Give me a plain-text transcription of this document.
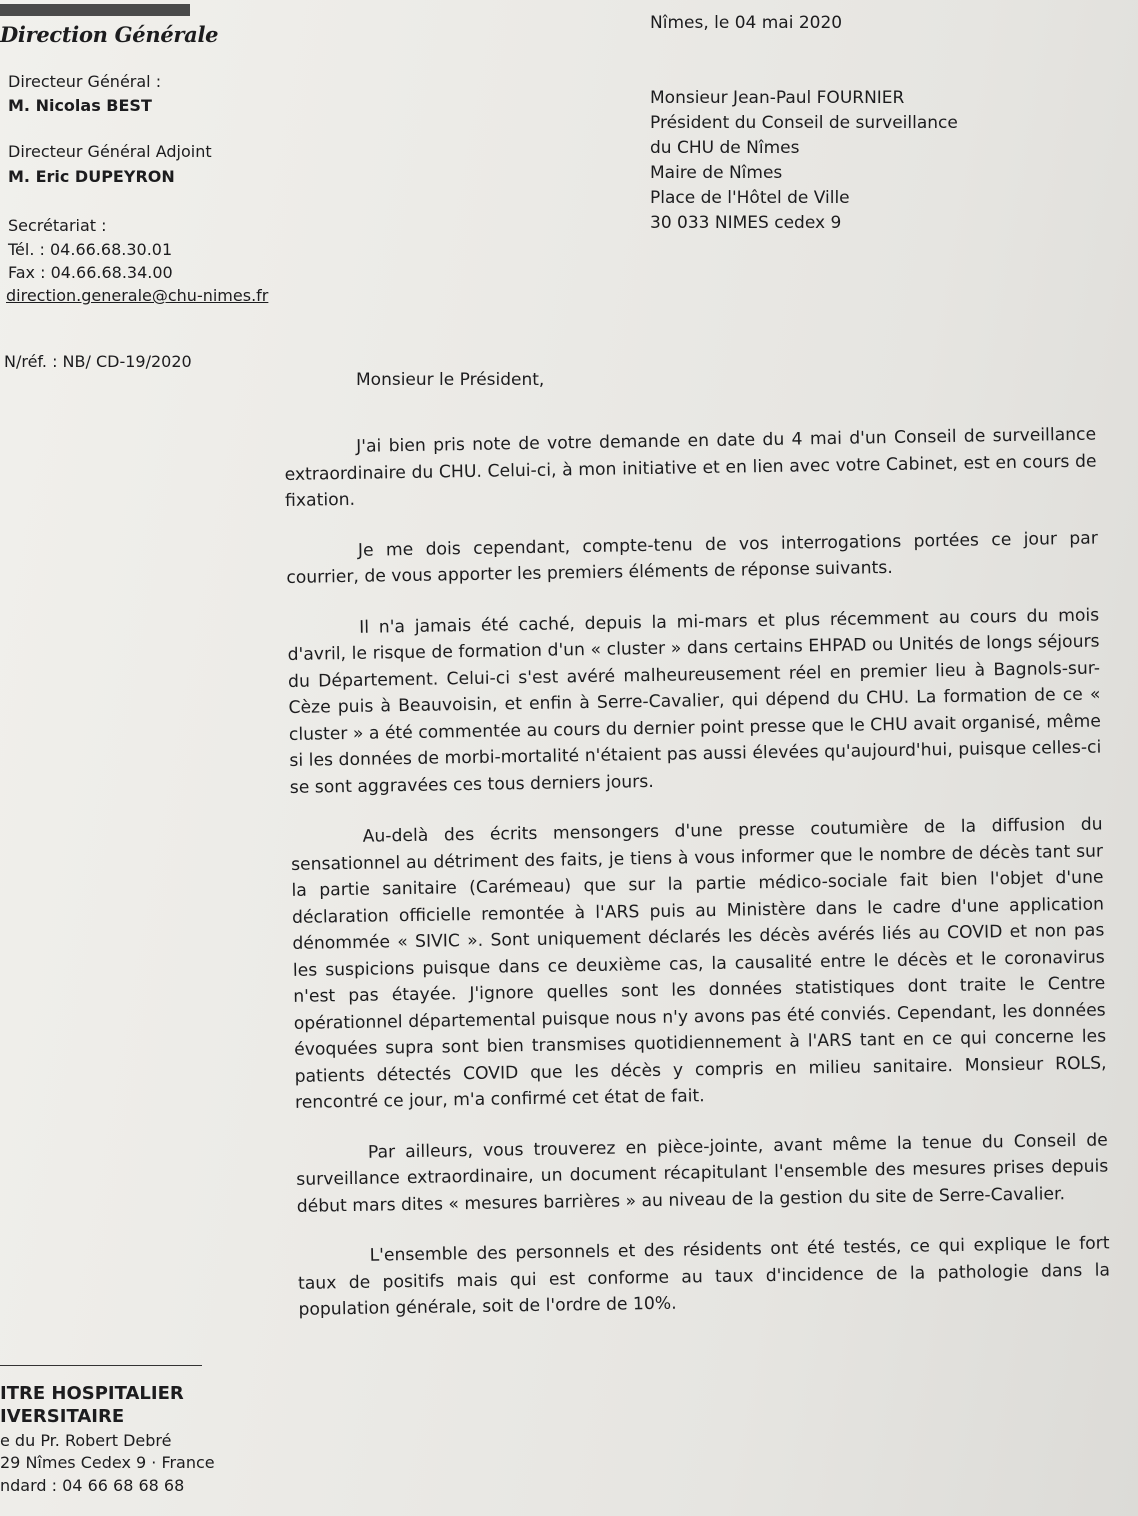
Direction Générale
Directeur Général :
M. Nicolas BEST
Directeur Général Adjoint
M. Eric DUPEYRON
Secrétariat :
Tél. : 04.66.68.30.01
Fax : 04.66.68.34.00
direction.generale@chu-nimes.fr
N/réf. : NB/ CD-19/2020
Nîmes, le 04 mai 2020
Monsieur Jean-Paul FOURNIER
Président du Conseil de surveillance
du CHU de Nîmes
Maire de Nîmes
Place de l'Hôtel de Ville
30 033 NIMES cedex 9
Monsieur le Président,

J'ai bien pris note de votre demande en date du 4 mai d'un Conseil de surveillance extraordinaire du CHU. Celui-ci, à mon initiative et en lien avec votre Cabinet, est en cours de fixation.

Je me dois cependant, compte-tenu de vos interrogations portées ce jour par courrier, de vous apporter les premiers éléments de réponse suivants.

Il n'a jamais été caché, depuis la mi-mars et plus récemment au cours du mois d'avril, le risque de formation d'un « cluster » dans certains EHPAD ou Unités de longs séjours du Département. Celui-ci s'est avéré malheureusement réel en premier lieu à Bagnols-sur-Cèze puis à Beauvoisin, et enfin à Serre-Cavalier, qui dépend du CHU. La formation de ce « cluster » a été commentée au cours du dernier point presse que le CHU avait organisé, même si les données de morbi-mortalité n'étaient pas aussi élevées qu'aujourd'hui, puisque celles-ci se sont aggravées ces tous derniers jours.

Au-delà des écrits mensongers d'une presse coutumière de la diffusion du sensationnel au détriment des faits, je tiens à vous informer que le nombre de décès tant sur la partie sanitaire (Carémeau) que sur la partie médico-sociale fait bien l'objet d'une déclaration officielle remontée à l'ARS puis au Ministère dans le cadre d'une application dénommée « SIVIC ». Sont uniquement déclarés les décès avérés liés au COVID et non pas les suspicions puisque dans ce deuxième cas, la causalité entre le décès et le coronavirus n'est pas étayée. J'ignore quelles sont les données statistiques dont traite le Centre opérationnel départemental puisque nous n'y avons pas été conviés. Cependant, les données évoquées supra sont bien transmises quotidiennement à l'ARS tant en ce qui concerne les patients détectés COVID que les décès y compris en milieu sanitaire. Monsieur ROLS, rencontré ce jour, m'a confirmé cet état de fait.

Par ailleurs, vous trouverez en pièce-jointe, avant même la tenue du Conseil de surveillance extraordinaire, un document récapitulant l'ensemble des mesures prises depuis début mars dites « mesures barrières » au niveau de la gestion du site de Serre-Cavalier.

L'ensemble des personnels et des résidents ont été testés, ce qui explique le fort taux de positifs mais qui est conforme au taux d'incidence de la pathologie dans la population générale, soit de l'ordre de 10%.

ITRE HOSPITALIER
IVERSITAIRE
e du Pr. Robert Debré
29 Nîmes Cedex 9 · France
ndard : 04 66 68 68 68
